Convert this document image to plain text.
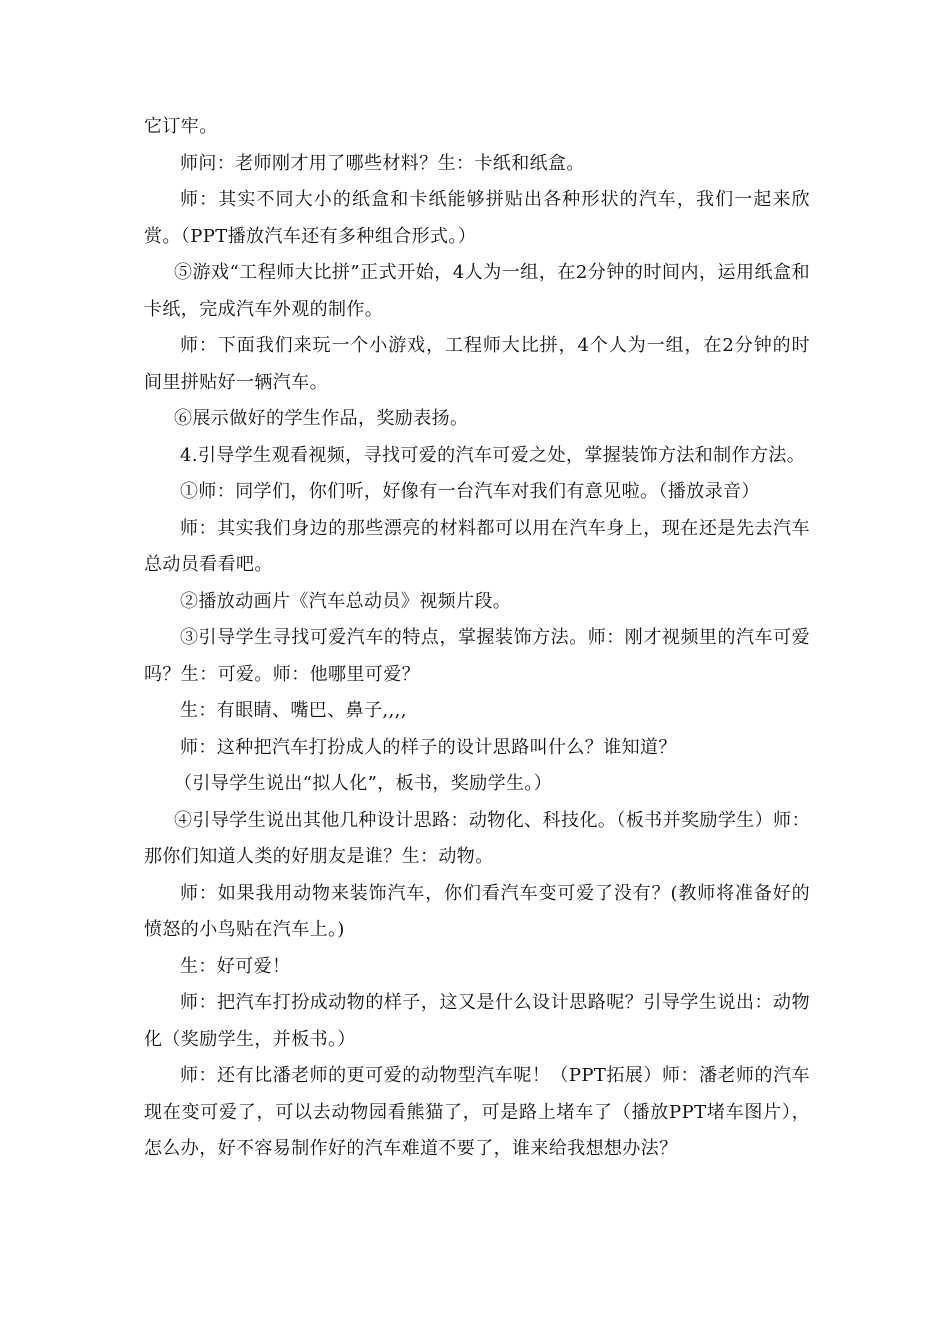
它订牢。

师问：老师刚才用了哪些材料？生：卡纸和纸盒。

师：其实不同大小的纸盒和卡纸能够拼贴出各种形状的汽车，我们一起来欣赏。（PPT播放汽车还有多种组合形式。）

⑤游戏“工程师大比拼”正式开始，4人为一组，在2分钟的时间内，运用纸盒和卡纸，完成汽车外观的制作。

师：下面我们来玩一个小游戏，工程师大比拼，4个人为一组，在2分钟的时间里拼贴好一辆汽车。

⑥展示做好的学生作品，奖励表扬。

4.引导学生观看视频，寻找可爱的汽车可爱之处，掌握装饰方法和制作方法。

①师：同学们，你们听，好像有一台汽车对我们有意见啦。（播放录音）

师：其实我们身边的那些漂亮的材料都可以用在汽车身上，现在还是先去汽车总动员看看吧。

②播放动画片《汽车总动员》视频片段。

③引导学生寻找可爱汽车的特点，掌握装饰方法。师：刚才视频里的汽车可爱吗？生：可爱。师：他哪里可爱？

生：有眼睛、嘴巴、鼻子,,,,

师：这种把汽车打扮成人的样子的设计思路叫什么？谁知道？

（引导学生说出“拟人化”，板书，奖励学生。）

④引导学生说出其他几种设计思路：动物化、科技化。（板书并奖励学生）师：那你们知道人类的好朋友是谁？生：动物。

师：如果我用动物来装饰汽车，你们看汽车变可爱了没有？(教师将准备好的愤怒的小鸟贴在汽车上。)

生：好可爱！

师：把汽车打扮成动物的样子，这又是什么设计思路呢？引导学生说出：动物化（奖励学生，并板书。）

师：还有比潘老师的更可爱的动物型汽车呢！（PPT拓展）师：潘老师的汽车现在变可爱了，可以去动物园看熊猫了，可是路上堵车了（播放PPT堵车图片），怎么办，好不容易制作好的汽车难道不要了，谁来给我想想办法？
